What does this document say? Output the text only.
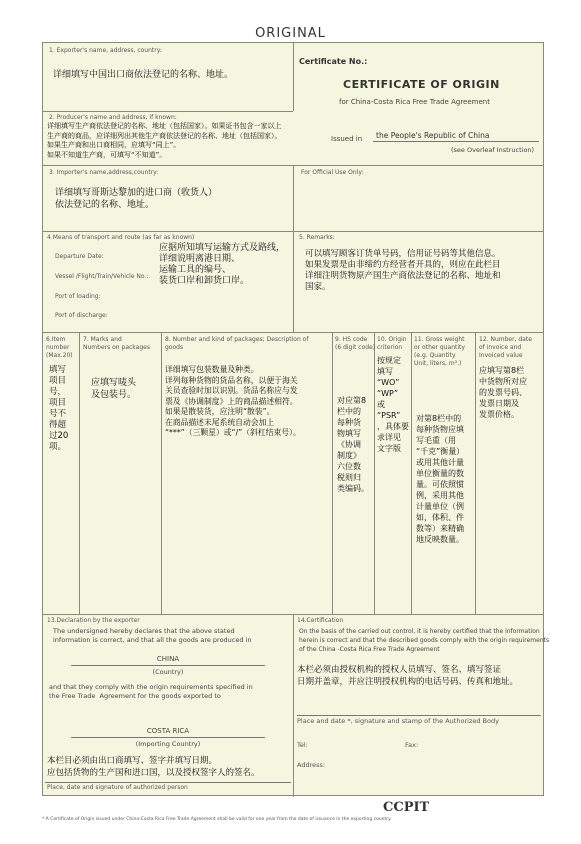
ORIGINAL
1. Exporter's name, address, country:
详细填写中国出口商依法登记的名称、地址。
Certificate No.:
CERTIFICATE OF ORIGIN
for China-Costa Rica Free Trade Agreement
2. Producer's name and address, if known:
详细填写生产商依法登记的名称、地址（包括国家）。如果证书包含一家以上
生产商的商品，应详细列出其他生产商依法登记的名称、地址（包括国家）。
如果生产商和出口商相同，应填写“同上”。
如果不知道生产商，可填写“不知道”。
Issued in the People's Republic of China
(see Overleaf Instruction)
3. Importer's name,address,country:
详细填写哥斯达黎加的进口商（收货人）
依法登记的名称、地址。
For Official Use Only:
4.Means of transport and route (as far as known)
Departure Date:
Vessel /Flight/Train/Vehicle No.:
Port of loading:
Port of discharge:
应据所知填写运输方式及路线，
详细说明离港日期、
运输工具的编号、
装货口岸和卸货口岸。
5. Remarks:
可以填写顾客订货单号码，信用证号码等其他信息。
如果发票是由非缔约方经营者开具的，则应在此栏目
详细注明货物原产国生产商依法登记的名称、地址和
国家。
6.Item
number
(Max.20)
7. Marks and
Numbers on packages
8. Number and kind of packages; Description of
goods
9. HS code
(6 digit code)
10. Origin
criterion
11. Gross weight
or other quantity
(e.g. Quantity
Unit, liters, m³.)
12. Number, date
of invoice and
Invoiced value
填写
项目
号，
项目
号不
得超
过20
项。
应填写唛头
及包装号。
详细填写包装数量及种类。
详列每种货物的货品名称，以便于海关
关员查验时加以识别。货品名称应与发
票及《协调制度》上的商品描述相符。
如果是散装货，应注明“散装”。
在商品描述末尾系统自动会加上
“***”（三颗星）或“/”（斜杠结束号）。
对应第8
栏中的
每种货
物填写
《协调
制度》
六位数
税则归
类编码。
按规定
填写
“WO”
“WP”
或
“PSR”
，具体要
求详见
文字版
对第8栏中的
每种货物应填
写毛重（用
“千克”衡量）
或用其他计量
单位衡量的数
量。可依照惯
例，采用其他
计量单位（例
如，体积、件
数等）来精确
地反映数量。
应填写第8栏
中货物所对应
的发票号码、
发票日期及
发票价格。
13.Declaration by the exporter
The undersigned hereby declares that the above stated
information is correct, and that all the goods are produced in
CHINA
(Country)
and that they comply with the origin requirements specified in
the Free Trade  Agreement for the goods exported to
COSTA RICA
(Importing Country)
本栏目必须由出口商填写、签字并填写日期。
应包括货物的生产国和进口国，以及授权签字人的签名。
Place, date and signature of authorized person
14.Certification
On the basis of the carried out control, it is hereby certified that the information
herein is correct and that the described goods comply with the origin requirements
of the China -Costa Rica Free Trade Agreement
本栏必须由授权机构的授权人员填写、签名、填写签证
日期并盖章，并应注明授权机构的电话号码、传真和地址。
Place and date *, signature and stamp of the Authorized Body
Tel:	Fax:
Address:
CCPIT
* A Certificate of Origin issued under China-Costa Rica Free Trade Agreement shall be valid for one year from the date of issuance in the exporting country.
